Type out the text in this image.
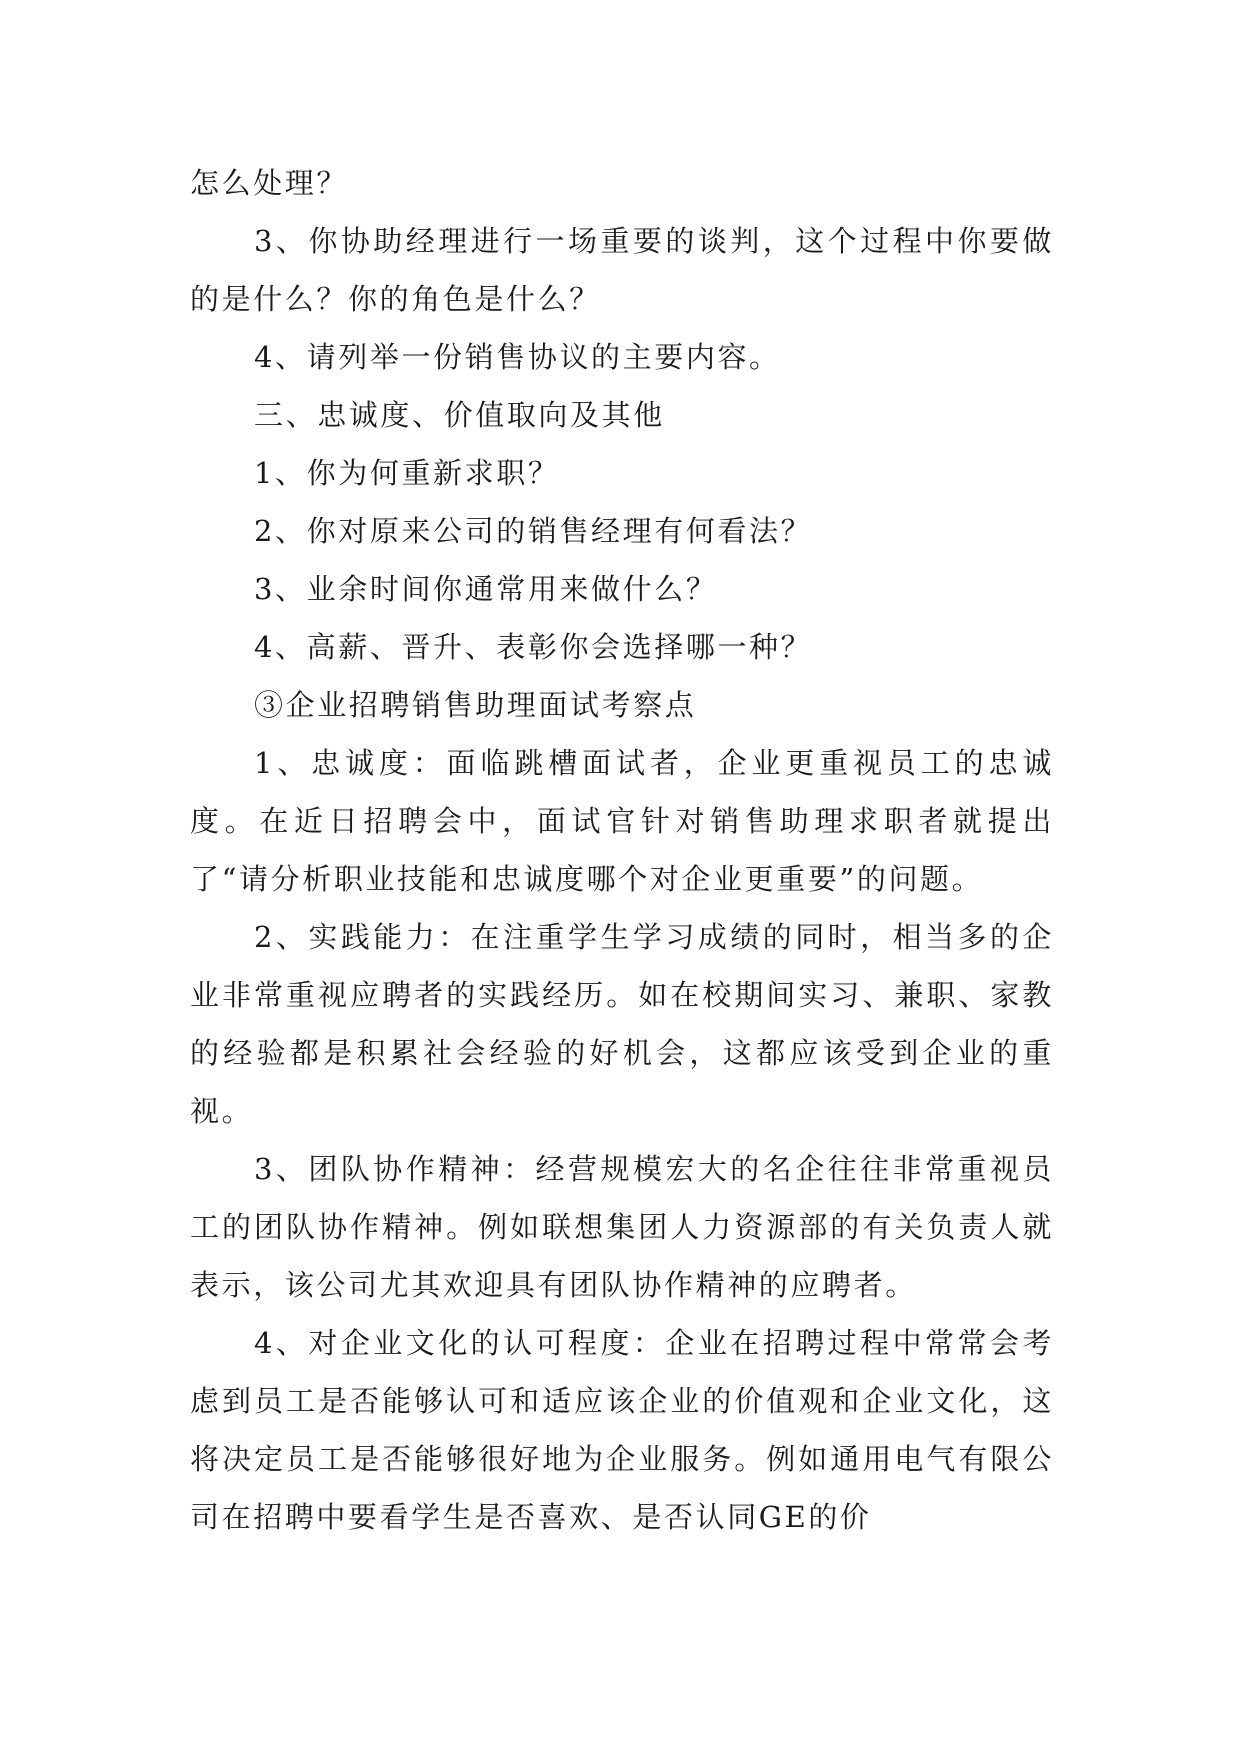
怎么处理？

3、你协助经理进行一场重要的谈判，这个过程中你要做的是什么？你的角色是什么？

4、请列举一份销售协议的主要内容。

三、忠诚度、价值取向及其他

1、你为何重新求职？

2、你对原来公司的销售经理有何看法？

3、业余时间你通常用来做什么？

4、高薪、晋升、表彰你会选择哪一种？

③企业招聘销售助理面试考察点

1、忠诚度：面临跳槽面试者，企业更重视员工的忠诚度。在近日招聘会中，面试官针对销售助理求职者就提出了“请分析职业技能和忠诚度哪个对企业更重要”的问题。

2、实践能力：在注重学生学习成绩的同时，相当多的企业非常重视应聘者的实践经历。如在校期间实习、兼职、家教的经验都是积累社会经验的好机会，这都应该受到企业的重视。

3、团队协作精神：经营规模宏大的名企往往非常重视员工的团队协作精神。例如联想集团人力资源部的有关负责人就表示，该公司尤其欢迎具有团队协作精神的应聘者。

4、对企业文化的认可程度：企业在招聘过程中常常会考虑到员工是否能够认可和适应该企业的价值观和企业文化，这将决定员工是否能够很好地为企业服务。例如通用电气有限公司在招聘中要看学生是否喜欢、是否认同GE的价
